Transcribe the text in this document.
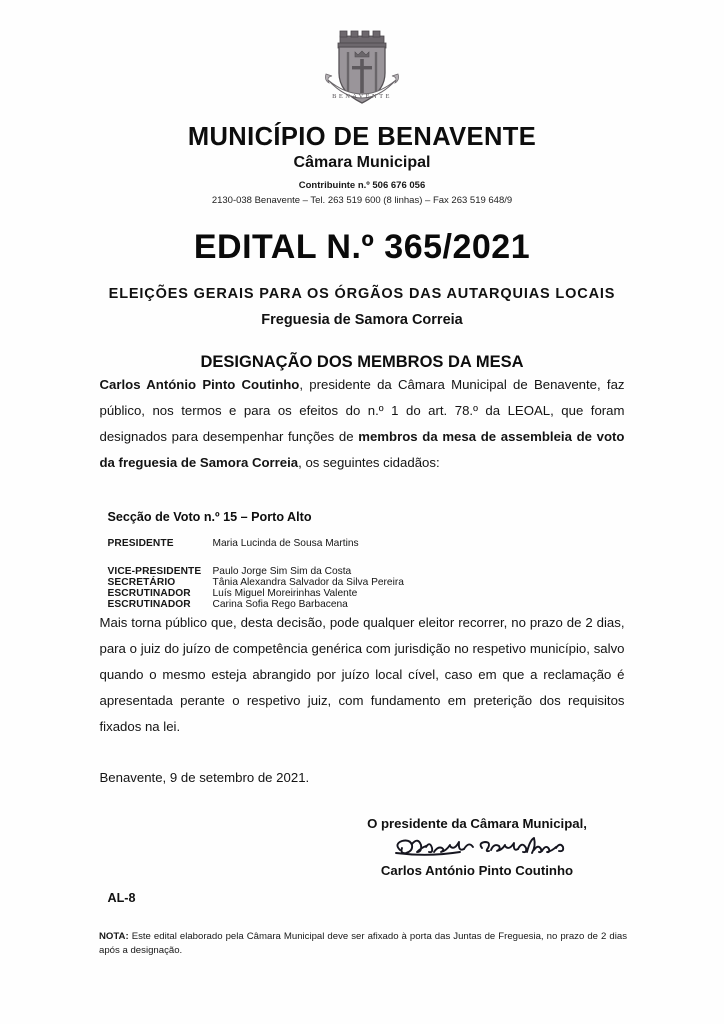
BENAVENTE
MUNICÍPIO DE BENAVENTE
Câmara Municipal
Contribuinte n.º 506 676 056
2130-038 Benavente – Tel. 263 519 600 (8 linhas) – Fax 263 519 648/9
EDITAL N.º 365/2021
ELEIÇÕES GERAIS PARA OS ÓRGÃOS DAS AUTARQUIAS LOCAIS
Freguesia de Samora Correia
DESIGNAÇÃO DOS MEMBROS DA MESA

Carlos António Pinto Coutinho, presidente da Câmara Municipal de Benavente, faz público, nos termos e para os efeitos do n.º 1 do art. 78.º da LEOAL, que foram designados para desempenhar funções de membros da mesa de assembleia de voto da freguesia de Samora Correia, os seguintes cidadãos:

Secção de Voto n.º 15 – Porto Alto
PRESIDENTE	Maria Lucinda de Sousa Martins
VICE-PRESIDENTE	Paulo Jorge Sim Sim da Costa
SECRETÁRIO	Tânia Alexandra Salvador da Silva Pereira
ESCRUTINADOR	Luís Miguel Moreirinhas Valente
ESCRUTINADOR	Carina Sofia Rego Barbacena

Mais torna público que, desta decisão, pode qualquer eleitor recorrer, no prazo de 2 dias, para o juiz do juízo de competência genérica com jurisdição no respetivo município, salvo quando o mesmo esteja abrangido por juízo local cível, caso em que a reclamação é apresentada perante o respetivo juiz, com fundamento em preterição dos requisitos fixados na lei.

Benavente, 9 de setembro de 2021.
O presidente da Câmara Municipal,
Carlos António Pinto Coutinho
AL-8
NOTA: Este edital elaborado pela Câmara Municipal deve ser afixado à porta das Juntas de Freguesia, no prazo de 2 dias após a designação.
